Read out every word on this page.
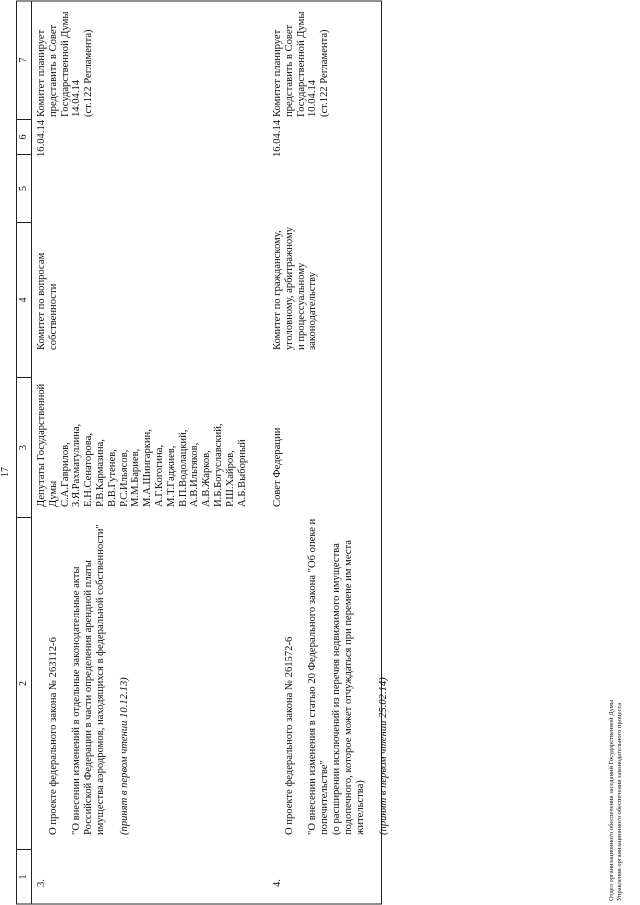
17
1
2
3
4
5
6
7
3.

О проекте федерального закона № 263112-6 "О внесении изменений в отдельные законодательные акты Российской Федерации в части определения арендной платы имущества аэродромов, находящихся в федеральной собственности" (принят в первом чтении 10.12.13)

Депутаты Государственной Думы
С.А.Гаврилов,
З.Я.Рахматуллина,
Е.Н.Сенаторова,
Р.В.Кармазина,
В.В.Гутенев,
Р.С.Ильясов,
М.М.Бариев,
М.А.Шингаркин,
А.Г.Когогина,
М.Т.Гаджиев,
В.П.Водолацкий,
А.В.Ильтяков,
А.В.Жарков,
И.Б.Богуславский,
Р.Ш.Хайров,
А.Б.Выборный
Комитет по вопросам собственности
16.04.14
Комитет планирует представить в Совет Государственной Думы 14.04.14
(ст.122 Регламента)
4.

О проекте федерального закона № 261572-6 "О внесении изменения в статью 20 Федерального закона "Об опеке и попечительстве"
(о расширении исключений из перечня недвижимого имущества подопечного, которое может отчуждаться при перемене им места жительства) (принят в первом чтении 25.02.14)

Совет Федерации
Комитет по гражданскому, уголовному, арбитражному и процессуальному законодательству
16.04.14
Комитет планирует представить в Совет Государственной Думы 10.04.14
(ст.122 Регламента)
Отдел организационного обеспечения заседаний Государственной Думы Управления организационного обеспечения законодательного процесса
